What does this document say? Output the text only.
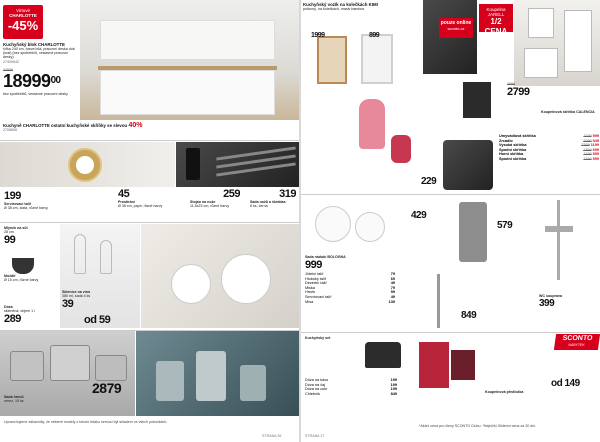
Virtuvė
CHARLOTTE
-45%
Kuchyňský blok CHARLOTTE
šířka 240 cm, barva bílá, pracovní deska dub (kraf) (bez spotřebičů, vestavné pracovní desky)
27409542
34999
18999$^{00}$
bez spotřebičů, vestavné pracovní desky
Kuchyně CHARLOTTE ostatní kuchyňské skříňky se slevou 40%
2708808
199
Servírovací talíř
Ø 38 cm, zlatá, různé barvy
45
Prostírání
Ø 38 cm, papír, různé barvy
259
Stojan na nože
11,5x23 cm, různé barvy
319
Sada nožů a škrabka
6 ks, černá
Mlýnek na sůl
28 cm
99
Sklenice na víno
380 ml, sada 4 ks
39
Moždíř
Ø 15 cm, různé barvy
Dóza
skleněná, objem 1 l
289	od 59
2879
Sada hrnců
nerez, 15 ks
Upozorňujeme zákazníky, že některé modely z tohoto letáku nemusí být skladem ve všech pobočkách.
STRANA 26
Kuchyňský vozík na kolečkách KIMI
policový, na kolečkách, masiv bambus
1999	899
pouze online
sconto.cz
Koupelna JARELL
1/2 CENA
4999
2799
Koupelnová skříňka CALENCIA
Umyvadlová skříňka	1199 599
Zrcadlo	1099 549
Vysoká skříňka	2399 1199
Spodní skříňka	1399 699
Horní skříňka	1199 599
Spodní skříňka	1199 599
229
429
579
Sada nádobí BOLOGNA
999
Jídelní talíř	79
Hluboký talíř	69
Dezertní talíř	49
Miska	79
Hrnek	59
Servírovací talíř	49
Mísa	139
849
WC souprava
399
Kuchyňský set
Dóza na kávu	199
Dóza na čaj	199
Dóza na cukr	199
Chlebník	849	Koupelnová předložka
od 149
SCONTO
NÁBYTEK
*Akční cena pro členy SCONTO Clubu. *Nejnižší 30denní cena za 30 dní.
STRANA 27
